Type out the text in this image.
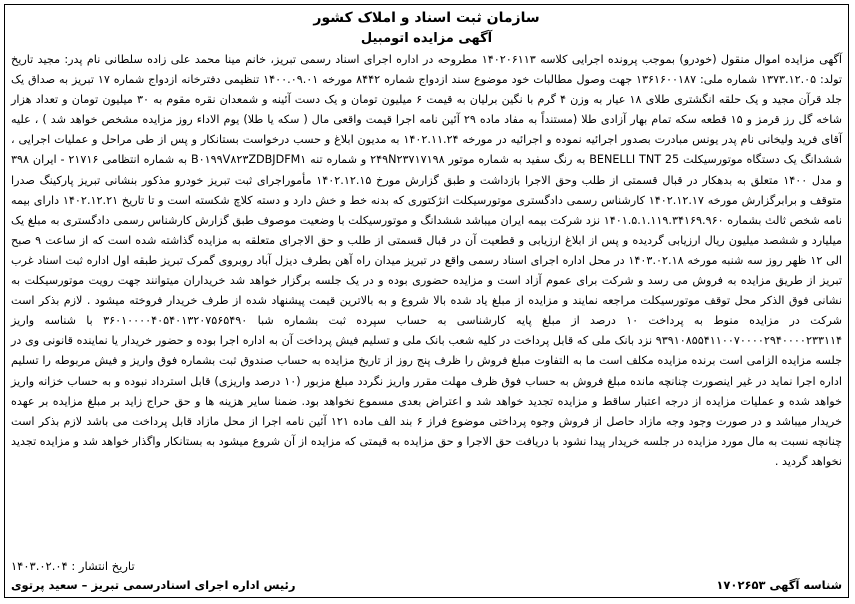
سازمان ثبت اسناد و املاک کشور
آگهی مزایده اتومبیل

آگهی مزایده اموال منقول (خودرو) بموجب پرونده اجرایی کلاسه ۱۴۰۲۰۶۱۱۳ مطروحه در اداره اجرای اسناد رسمی تبریز، خانم مینا محمد علی زاده سلطانی نام پدر: مجید تاریخ تولد: ۱۳۷۳.۱۲.۰۵ شماره ملی: ۱۳۶۱۶۰۰۱۸۷ جهت وصول مطالبات خود موضوع سند ازدواج شماره ۸۴۴۲ مورخه ۱۴۰۰.۰۹.۰۱ تنظیمی دفترخانه ازدواج شماره ۱۷ تبریز به صداق یک جلد قرآن مجید و یک حلقه انگشتری طلای ۱۸ عیار به وزن ۴ گرم با نگین برلیان به قیمت ۶ میلیون تومان و یک دست آئینه و شمعدان نقره مقوم به ۳۰ میلیون تومان و تعداد هزار شاخه گل رز قرمز و ۱۵ قطعه سکه تمام بهار آزادی طلا (مستنداً به مفاد ماده ۲۹ آئین نامه اجرا قیمت واقعی مال ( سکه یا طلا) یوم الاداء روز مزایده مشخص خواهد شد ) ، علیه آقای فرید ولیخانی نام پدر یونس مبادرت بصدور اجرائیه نموده و اجرائیه در مورخه ۱۴۰۲.۱۱.۲۴ به مدیون ابلاغ و حسب درخواست بستانکار و پس از طی مراحل و عملیات اجرایی ، ششدانگ یک دستگاه موتورسیکلت BENELLI TNT 25 به رنگ سفید به شماره موتور ۲۴۹N۲۳۷۱۷۱۹۸ و شماره تنه B۰۱۹۹V۸۲۳ZDBJDFM۱ به شماره انتظامی ۲۱۷۱۶ - ایران ۳۹۸ و مدل ۱۴۰۰ متعلق به بدهکار در قبال قسمتی از طلب وحق الاجرا بازداشت و طبق گزارش مورخ ۱۴۰۲.۱۲.۱۵ مأموراجرای ثبت تبریز خودرو مذکور بنشانی تبریز پارکینگ صدرا متوقف و برابرگزارش مورخه ۱۴۰۲.۱۲.۱۷ کارشناس رسمی دادگستری موتورسیکلت انژکتوری که بدنه خط و خش دارد و دسته کلاچ شکسته است و تا تاریخ ۱۴۰۲.۱۲.۲۱ دارای بیمه نامه شخص ثالث بشماره ۱۴۰۱.۵.۱.۱۱۹.۳۴۱۶۹.۹۶۰ نزد شرکت بیمه ایران میباشد ششدانگ و موتورسیکلت با وضعیت موصوف طبق گزارش کارشناس رسمی دادگستری به مبلغ یک میلیارد و ششصد میلیون ریال ارزیابی گردیده و پس از ابلاغ ارزیابی و قطعیت آن در قبال قسمتی از طلب و حق الاجرای متعلقه به مزایده گذاشته شده است که از ساعت ۹ صبح الی ۱۲ ظهر روز سه شنبه مورخه ۱۴۰۳.۰۲.۱۸ در محل اداره اجرای اسناد رسمی واقع در تبریز میدان راه آهن بطرف دیزل آباد روبروی گمرک تبریز طبقه اول اداره ثبت اسناد غرب تبریز از طریق مزایده به فروش می رسد و شرکت برای عموم آزاد است و مزایده حضوری بوده و در یک جلسه برگزار خواهد شد خریداران میتوانند جهت رویت موتورسیکلت به نشانی فوق الذکر محل توقف موتورسیکلت مراجعه نمایند و مزایده از مبلغ یاد شده بالا شروع و به بالاترین قیمت پیشنهاد شده از طرف خریدار فروخته میشود . لازم بذکر است شرکت در مزایده منوط به پرداخت ۱۰ درصد از مبلغ پایه کارشناسی به حساب سپرده ثبت بشماره شبا ۳۶۰۱۰۰۰۰۴۰۵۴۰۱۳۲۰۷۵۶۵۴۹۰ با شناسه واریز ۹۳۹۱۰۸۵۵۴۱۱۰۰۷۰۰۰۰۲۹۴۰۰۰۰۲۳۳۱۱۴ نزد بانک ملی که قابل پرداخت در کلیه شعب بانک ملی و تسلیم فیش پرداخت آن به اداره اجرا بوده و حضور خریدار یا نماینده قانونی وی در جلسه مزایده الزامی است برنده مزایده مکلف است ما به التفاوت مبلغ فروش را ظرف پنج روز از تاریخ مزایده به حساب صندوق ثبت بشماره فوق واریز و فیش مربوطه را تسلیم اداره اجرا نماید در غیر اینصورت چنانچه مانده مبلغ فروش به حساب فوق ظرف مهلت مقرر واریز نگردد مبلغ مزبور (۱۰ درصد واریزی) قابل استرداد نبوده و به حساب خزانه واریز خواهد شده و عملیات مزایده از درجه اعتبار ساقط و مزایده تجدید خواهد شد و اعتراض بعدی مسموع نخواهد بود. ضمنا سایر هزینه ها و حق حراج زاید بر مبلغ مزایده بر عهده خریدار میباشد و در صورت وجود وجه مازاد حاصل از فروش وجوه پرداختی موضوع فراز ۶ بند الف ماده ۱۲۱ آئین نامه اجرا از محل مازاد قابل پرداخت می باشد لازم بذکر است چنانچه نسبت به مال مورد مزایده در جلسه خریدار پیدا نشود با دریافت حق الاجرا و حق مزایده به قیمتی که مزایده از آن شروع میشود به بستانکار واگذار خواهد شد و مزایده تجدید نخواهد گردید .

تاریخ انتشار : ۱۴۰۳.۰۲.۰۴
شناسه آگهی ۱۷۰۲۶۵۳
رئیس اداره اجرای اسنادرسمی تبریز – سعید پرتوی
